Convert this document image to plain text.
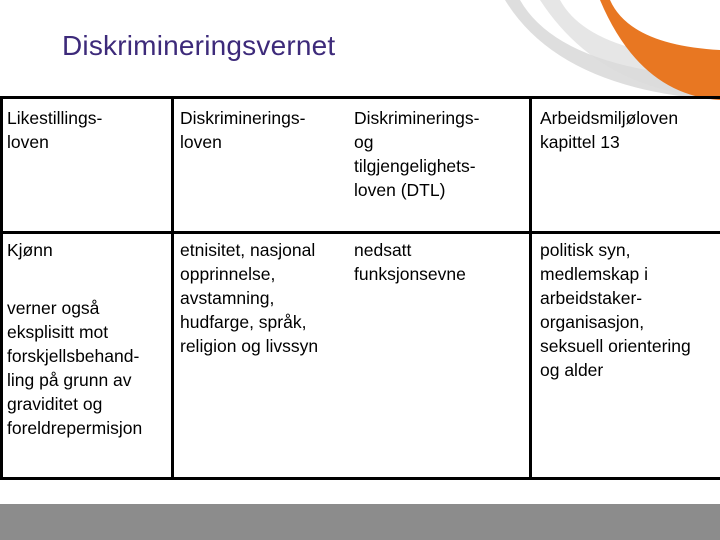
Diskrimineringsvernet
Likestillings-
loven
Diskriminerings-
loven
Diskriminerings-
og
tilgjengelighets-
loven (DTL)
Arbeidsmiljøloven
kapittel 13
Kjønn
verner også
eksplisitt mot
forskjellsbehand-
ling på grunn av
graviditet og
foreldrepermisjon
etnisitet, nasjonal
opprinnelse,
avstamning,
hudfarge, språk,
religion og livssyn
nedsatt
funksjonsevne
politisk syn,
medlemskap i
arbeidstaker-
organisasjon,
seksuell orientering
og alder
